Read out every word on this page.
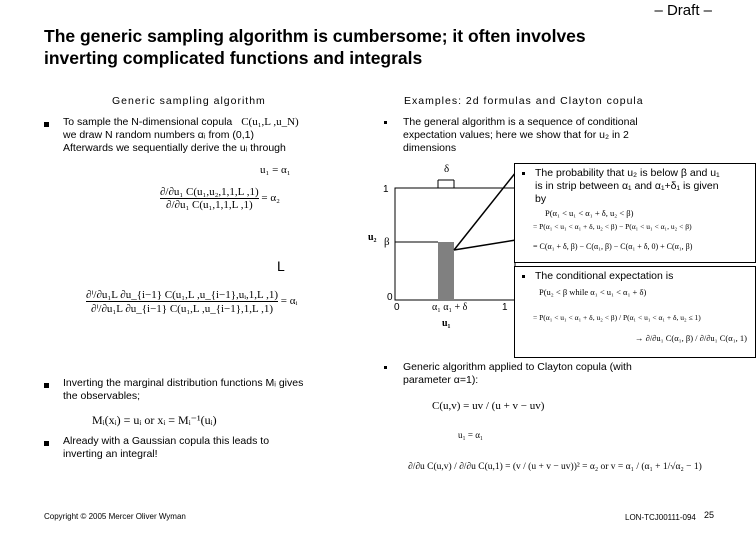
– Draft –
The generic sampling algorithm is cumbersome; it often involves
inverting complicated functions and integrals
Generic sampling algorithm
To sample the N-dimensional copula C(u₁,L ,u_N)
we draw N random numbers αᵢ from (0,1)
Afterwards we sequentially derive the uᵢ through
u₁ = α₁
$\frac{\text{∂/∂u₁ C(u₁,u₂,1,1,L ,1)}}{\text{∂/∂u₁ C(u₁,1,1,L ,1)}} = \alpha_2$
L
$\frac{\text{∂ⁱ/∂u₁L ∂u\_\{i−1\} C(u₁,L ,u\_\{i−1\},uᵢ,1,L ,1)}}{\text{∂ⁱ/∂u₁L ∂u\_\{i−1\} C(u₁,L ,u\_\{i−1\},1,L ,1)}}$ = αᵢ
Inverting the marginal distribution functions Mᵢ gives
the observables;
Mᵢ(xᵢ) = uᵢ or xᵢ = Mᵢ⁻¹(uᵢ)
Already with a Gaussian copula this leads to
inverting an integral!
Examples: 2d formulas and Clayton copula
The general algorithm is a sequence of conditional
expectation values; here we show that for u₂ in 2
dimensions
δ
1
u₂ β
0
0	α₁ α₁ + δ	1
u₁
The probability that u₂ is below β and u₁
is in strip between α₁ and α₁+δ₁ is given
by
P(α₁ < u₁ < α₁ + δ, u₂ < β)
= P(α₁ < u₁ < α₁ + δ, u₂ < β) − P(α₁ < u₁ < α₁, u₂ < β)
= C(α₁ + δ, β) − C(α₁, β) − C(α₁ + δ, 0) + C(α₁, β)
The conditional expectation is
P(u₂ < β while α₁ < u₁ < α₁ + δ)
= P(α₁ < u₁ < α₁ + δ, u₂ < β) / P(α₁ < u₁ < α₁ + δ, u₂ ≤ 1)
→ ∂/∂u₁ C(α₁, β) / ∂/∂u₁ C(α₁, 1)
Generic algorithm applied to Clayton copula (with
parameter α=1):
C(u,v) = uv / (u + v − uv)
u₁ = α₁
∂/∂u C(u,v) / ∂/∂u C(u,1) = (v / (u + v − uv))² = α₂ or v = α₁ / (α₁ + 1/√α₂ − 1)
Copyright © 2005 Mercer Oliver Wyman	LON-TCJ00111-094 25
